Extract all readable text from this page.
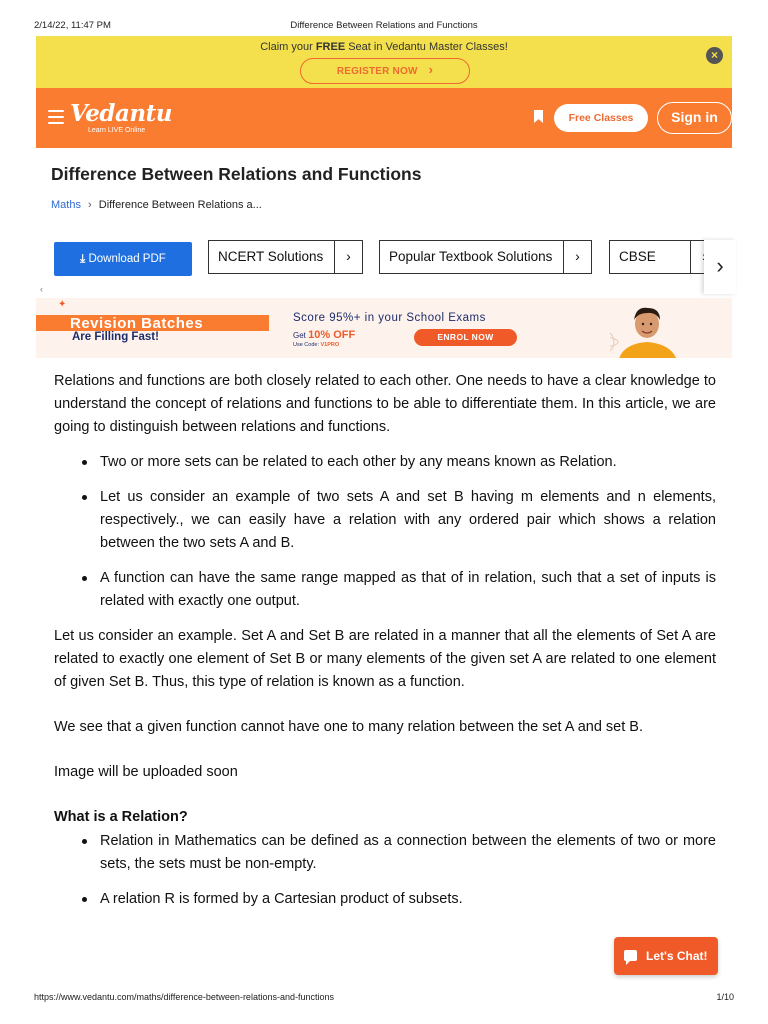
2/14/22, 11:47 PM	Difference Between Relations and Functions
Claim your FREE Seat in Vedantu Master Classes!
REGISTER NOW ›
×
Vedantu
Learn LIVE Online
Free Classes	Sign in
Difference Between Relations and Functions
Maths › Difference Between Relations a...
⤓ Download PDF	NCERT Solutions	›	Popular Textbook Solutions	›	CBSE	›
‹
✦
Revision Batches
Are Filling Fast!
Score 95%+ in your School Exams
Get 10% OFF
Use Code: V1PRO
ENROL NOW

Relations and functions are both closely related to each other. One needs to have a clear knowledge to understand the concept of relations and functions to be able to differentiate them. In this article, we are going to distinguish between relations and functions.

Two or more sets can be related to each other by any means known as Relation.
Let us consider an example of two sets A and set B having m elements and n elements, respectively., we can easily have a relation with any ordered pair which shows a relation between the two sets A and B.
A function can have the same range mapped as that of in relation, such that a set of inputs is related with exactly one output.

Let us consider an example. Set A and Set B are related in a manner that all the elements of Set A are related to exactly one element of Set B or many elements of the given set A are related to one element of given Set B. Thus, this type of relation is known as a function.

We see that a given function cannot have one to many relation between the set A and set B.

Image will be uploaded soon

What is a Relation?
Relation in Mathematics can be defined as a connection between the elements of two or more sets, the sets must be non-empty.
A relation R is formed by a Cartesian product of subsets.
Let's Chat!
https://www.vedantu.com/maths/difference-between-relations-and-functions	1/10
